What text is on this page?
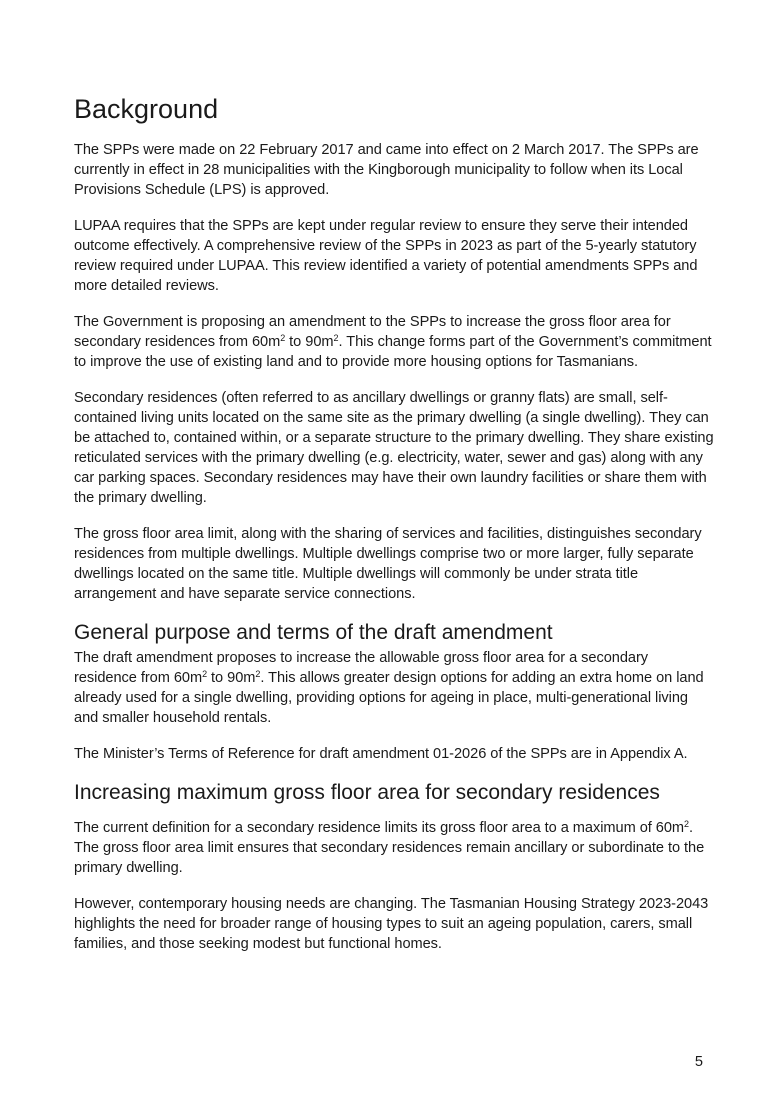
Background

The SPPs were made on 22 February 2017 and came into effect on 2 March 2017. The SPPs are currently in effect in 28 municipalities with the Kingborough municipality to follow when its Local Provisions Schedule (LPS) is approved.

LUPAA requires that the SPPs are kept under regular review to ensure they serve their intended outcome effectively. A comprehensive review of the SPPs in 2023 as part of the 5-yearly statutory review required under LUPAA. This review identified a variety of potential amendments SPPs and more detailed reviews.

The Government is proposing an amendment to the SPPs to increase the gross floor area for secondary residences from $60m^2$ to $90m^2$. This change forms part of the Government’s commitment to improve the use of existing land and to provide more housing options for Tasmanians.

Secondary residences (often referred to as ancillary dwellings or granny flats) are small, self-contained living units located on the same site as the primary dwelling (a single dwelling). They can be attached to, contained within, or a separate structure to the primary dwelling. They share existing reticulated services with the primary dwelling (e.g. electricity, water, sewer and gas) along with any car parking spaces. Secondary residences may have their own laundry facilities or share them with the primary dwelling.

The gross floor area limit, along with the sharing of services and facilities, distinguishes secondary residences from multiple dwellings. Multiple dwellings comprise two or more larger, fully separate dwellings located on the same title. Multiple dwellings will commonly be under strata title arrangement and have separate service connections.

General purpose and terms of the draft amendment

The draft amendment proposes to increase the allowable gross floor area for a secondary residence from $60m^2$ to $90m^2$. This allows greater design options for adding an extra home on land already used for a single dwelling, providing options for ageing in place, multi-generational living and smaller household rentals.

The Minister’s Terms of Reference for draft amendment 01-2026 of the SPPs are in Appendix A.

Increasing maximum gross floor area for secondary residences

The current definition for a secondary residence limits its gross floor area to a maximum of $60m^2$. The gross floor area limit ensures that secondary residences remain ancillary or subordinate to the primary dwelling.

However, contemporary housing needs are changing. The Tasmanian Housing Strategy 2023-2043 highlights the need for broader range of housing types to suit an ageing population, carers, small families, and those seeking modest but functional homes.

5
